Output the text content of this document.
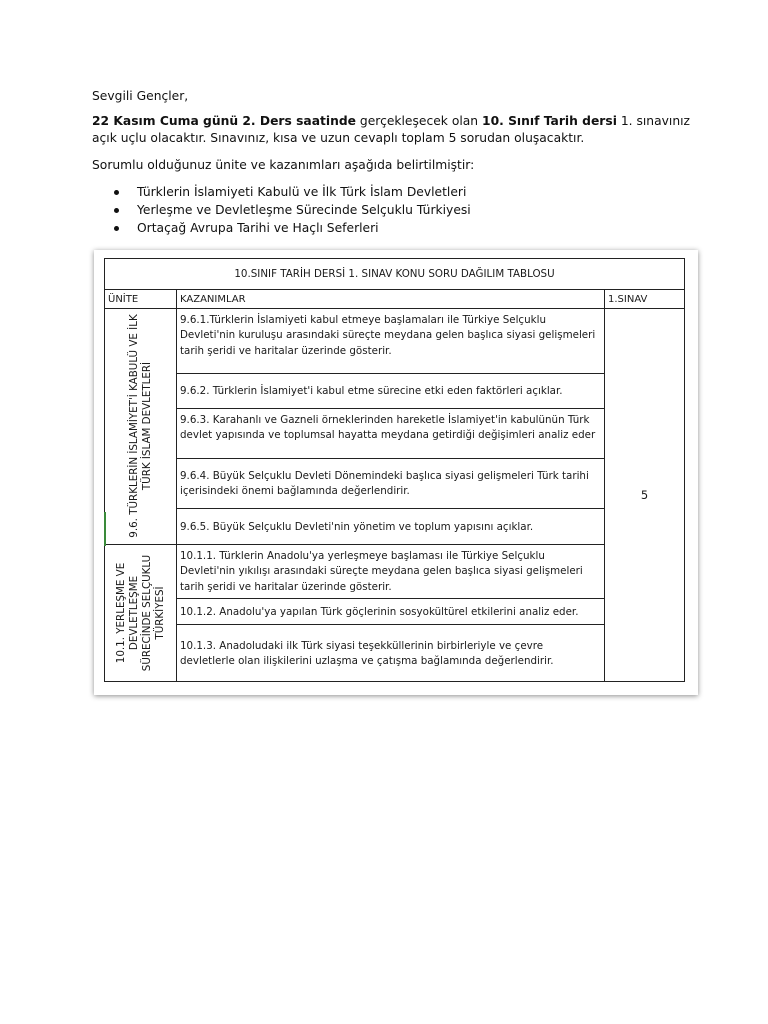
Sevgili Gençler,
22 Kasım Cuma günü 2. Ders saatinde gerçekleşecek olan 10. Sınıf Tarih dersi 1. sınavınız açık uçlu olacaktır. Sınavınız, kısa ve uzun cevaplı toplam 5 sorudan oluşacaktır.
Sorumlu olduğunuz ünite ve kazanımları aşağıda belirtilmiştir:
Türklerin İslamiyeti Kabulü ve İlk Türk İslam Devletleri
Yerleşme ve Devletleşme Sürecinde Selçuklu Türkiyesi
Ortaçağ Avrupa Tarihi ve Haçlı Seferleri
10.SINIF TARİH DERSİ 1. SINAV KONU SORU DAĞILIM TABLOSU		
ÜNİTE	KAZANIMLAR	1.SINAV

9.6. TÜRKLERİN İSLAMİYET'İ KABULÜ VE İLK TÜRK İSLAM DEVLETLERİ	9.6.1.Türklerin İslamiyeti kabul etmeye başlamaları ile Türkiye Selçuklu Devleti'nin kuruluşu arasındaki süreçte meydana gelen başlıca siyasi gelişmeleri tarih şeridi ve haritalar üzerinde gösterir.	5
	9.6.2. Türklerin İslamiyet'i kabul etme sürecine etki eden faktörleri açıklar.	
	9.6.3. Karahanlı ve Gazneli örneklerinden hareketle İslamiyet'in kabulünün Türk devlet yapısında ve toplumsal hayatta meydana getirdiği değişimleri analiz eder	
	9.6.4. Büyük Selçuklu Devleti Dönemindeki başlıca siyasi gelişmeleri Türk tarihi içerisindeki önemi bağlamında değerlendirir.	
	9.6.5. Büyük Selçuklu Devleti'nin yönetim ve toplum yapısını açıklar.	

10.1. YERLEŞME VE DEVLETLEŞME SÜRECİNDE SELÇUKLU TÜRKİYESİ	10.1.1. Türklerin Anadolu'ya yerleşmeye başlaması ile Türkiye Selçuklu Devleti'nin yıkılışı arasındaki süreçte meydana gelen başlıca siyasi gelişmeleri tarih şeridi ve haritalar üzerinde gösterir.	
	10.1.2. Anadolu'ya yapılan Türk göçlerinin sosyokültürel etkilerini analiz eder.	
	10.1.3. Anadoludaki ilk Türk siyasi teşekküllerinin birbirleriyle ve çevre devletlerle olan ilişkilerini uzlaşma ve çatışma bağlamında değerlendirir.	
